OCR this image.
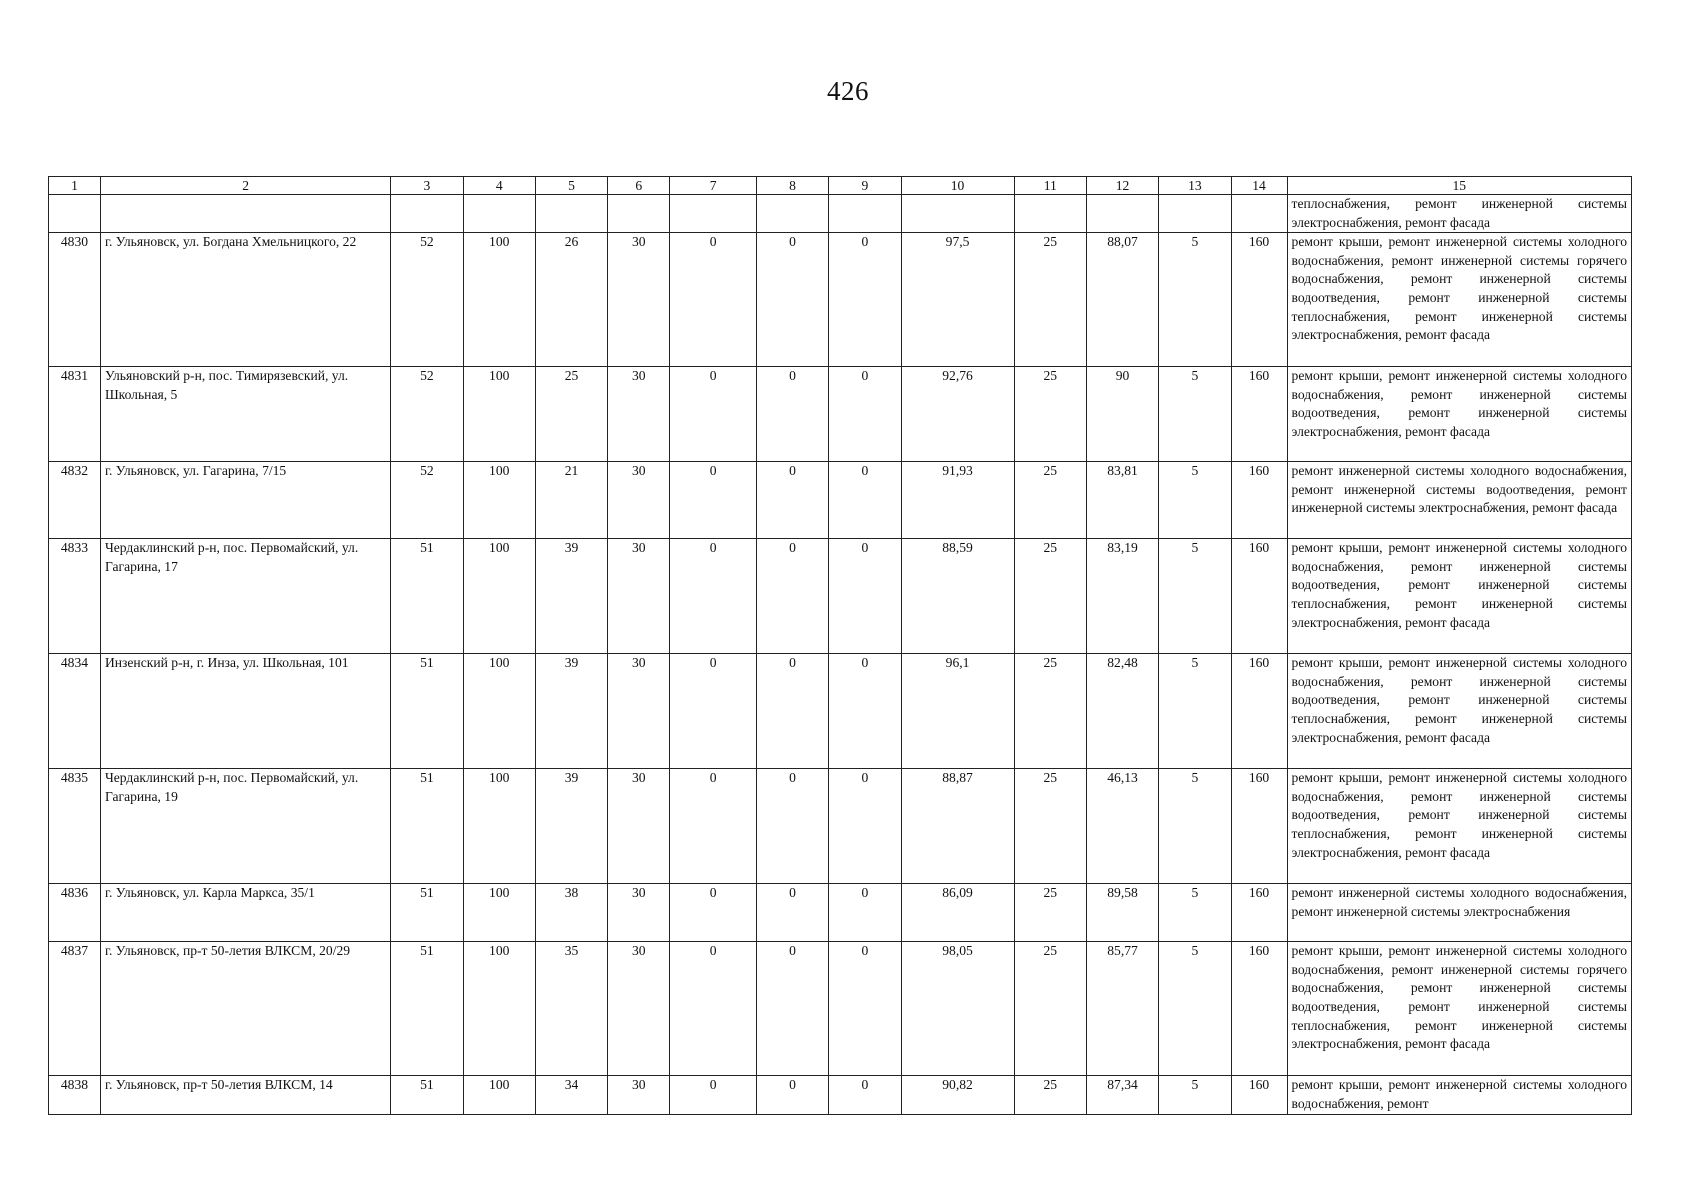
426
1	2	3	4	5	6	7	8	9	10	11	12	13	14	15
														теплоснабжения, ремонт инженерной системы электроснабжения, ремонт фасада
4830	г. Ульяновск, ул. Богдана Хмельницкого, 22	52	100	26	30	0	0	0	97,5	25	88,07	5	160	ремонт крыши, ремонт инженерной системы холодного водоснабжения, ремонт инженерной системы горячего водоснабжения, ремонт инженерной системы водоотведения, ремонт инженерной системы теплоснабжения, ремонт инженерной системы электроснабжения, ремонт фасада
4831	Ульяновский р-н, пос. Тимирязевский, ул. Школьная, 5	52	100	25	30	0	0	0	92,76	25	90	5	160	ремонт крыши, ремонт инженерной системы холодного водоснабжения, ремонт инженерной системы водоотведения, ремонт инженерной системы электроснабжения, ремонт фасада
4832	г. Ульяновск, ул. Гагарина, 7/15	52	100	21	30	0	0	0	91,93	25	83,81	5	160	ремонт инженерной системы холодного водоснабжения, ремонт инженерной системы водоотведения, ремонт инженерной системы электроснабжения, ремонт фасада
4833	Чердаклинский р-н, пос. Первомайский, ул. Гагарина, 17	51	100	39	30	0	0	0	88,59	25	83,19	5	160	ремонт крыши, ремонт инженерной системы холодного водоснабжения, ремонт инженерной системы водоотведения, ремонт инженерной системы теплоснабжения, ремонт инженерной системы электроснабжения, ремонт фасада
4834	Инзенский р-н, г. Инза, ул. Школьная, 101	51	100	39	30	0	0	0	96,1	25	82,48	5	160	ремонт крыши, ремонт инженерной системы холодного водоснабжения, ремонт инженерной системы водоотведения, ремонт инженерной системы теплоснабжения, ремонт инженерной системы электроснабжения, ремонт фасада
4835	Чердаклинский р-н, пос. Первомайский, ул. Гагарина, 19	51	100	39	30	0	0	0	88,87	25	46,13	5	160	ремонт крыши, ремонт инженерной системы холодного водоснабжения, ремонт инженерной системы водоотведения, ремонт инженерной системы теплоснабжения, ремонт инженерной системы электроснабжения, ремонт фасада
4836	г. Ульяновск, ул. Карла Маркса, 35/1	51	100	38	30	0	0	0	86,09	25	89,58	5	160	ремонт инженерной системы холодного водоснабжения, ремонт инженерной системы электроснабжения
4837	г. Ульяновск, пр-т 50-летия ВЛКСМ, 20/29	51	100	35	30	0	0	0	98,05	25	85,77	5	160	ремонт крыши, ремонт инженерной системы холодного водоснабжения, ремонт инженерной системы горячего водоснабжения, ремонт инженерной системы водоотведения, ремонт инженерной системы теплоснабжения, ремонт инженерной системы электроснабжения, ремонт фасада
4838	г. Ульяновск, пр-т 50-летия ВЛКСМ, 14	51	100	34	30	0	0	0	90,82	25	87,34	5	160	ремонт крыши, ремонт инженерной системы холодного водоснабжения, ремонт
